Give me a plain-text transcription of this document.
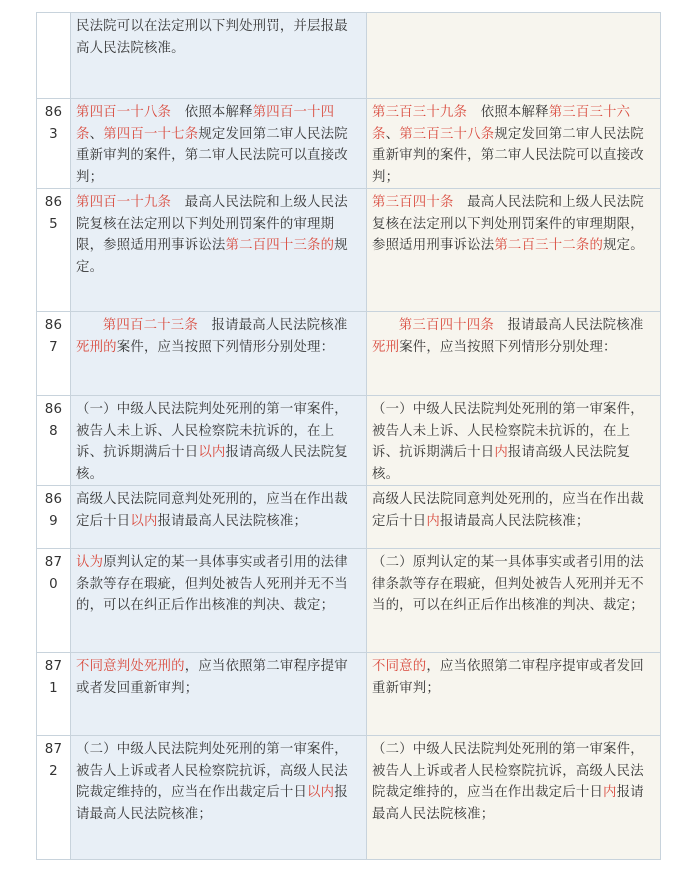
	民法院可以在法定刑以下判处刑罚，并层报最高人民法院核准。	
863	第四百一十八条　依照本解释第四百一十四条、第四百一十七条规定发回第二审人民法院重新审判的案件，第二审人民法院可以直接改判；	第三百三十九条　依照本解释第三百三十六条、第三百三十八条规定发回第二审人民法院重新审判的案件，第二审人民法院可以直接改判；
865	第四百一十九条　最高人民法院和上级人民法院复核在法定刑以下判处刑罚案件的审理期限，参照适用刑事诉讼法第二百四十三条的规定。	第三百四十条　最高人民法院和上级人民法院复核在法定刑以下判处刑罚案件的审理期限，参照适用刑事诉讼法第二百三十二条的规定。
867	第四百二十三条　报请最高人民法院核准死刑的案件，应当按照下列情形分别处理：	第三百四十四条　报请最高人民法院核准死刑案件，应当按照下列情形分别处理：
868	（一）中级人民法院判处死刑的第一审案件，被告人未上诉、人民检察院未抗诉的，在上诉、抗诉期满后十日以内报请高级人民法院复核。	（一）中级人民法院判处死刑的第一审案件，被告人未上诉、人民检察院未抗诉的，在上诉、抗诉期满后十日内报请高级人民法院复核。
869	高级人民法院同意判处死刑的，应当在作出裁定后十日以内报请最高人民法院核准；	高级人民法院同意判处死刑的，应当在作出裁定后十日内报请最高人民法院核准；
870	认为原判认定的某一具体事实或者引用的法律条款等存在瑕疵，但判处被告人死刑并无不当的，可以在纠正后作出核准的判决、裁定；	（二）原判认定的某一具体事实或者引用的法律条款等存在瑕疵，但判处被告人死刑并无不当的，可以在纠正后作出核准的判决、裁定；
871	不同意判处死刑的，应当依照第二审程序提审或者发回重新审判；	不同意的，应当依照第二审程序提审或者发回重新审判；
872	（二）中级人民法院判处死刑的第一审案件，被告人上诉或者人民检察院抗诉，高级人民法院裁定维持的，应当在作出裁定后十日以内报请最高人民法院核准；	（二）中级人民法院判处死刑的第一审案件，被告人上诉或者人民检察院抗诉，高级人民法院裁定维持的，应当在作出裁定后十日内报请最高人民法院核准；
